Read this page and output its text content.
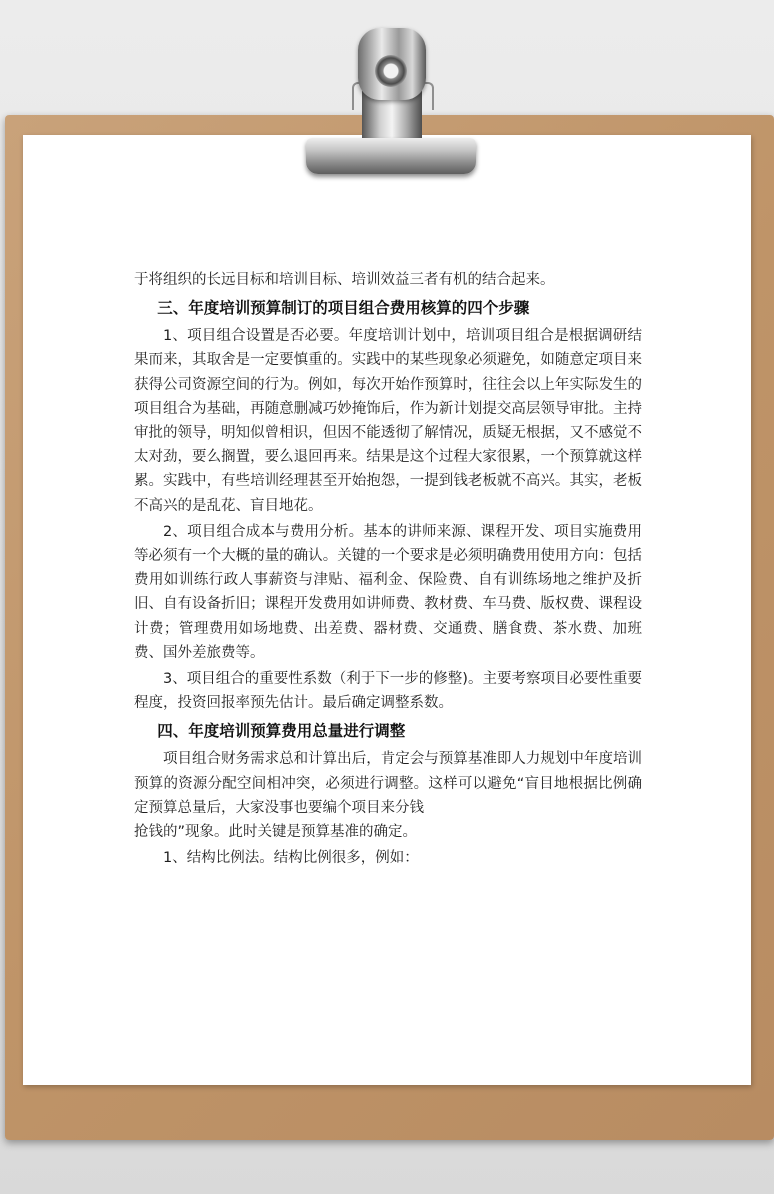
于将组织的长远目标和培训目标、培训效益三者有机的结合起来。

三、年度培训预算制订的项目组合费用核算的四个步骤

1、项目组合设置是否必要。年度培训计划中，培训项目组合是根据调研结果而来，其取舍是一定要慎重的。实践中的某些现象必须避免，如随意定项目来获得公司资源空间的行为。例如，每次开始作预算时，往往会以上年实际发生的项目组合为基础，再随意删减巧妙掩饰后，作为新计划提交高层领导审批。主持审批的领导，明知似曾相识，但因不能透彻了解情况，质疑无根据，又不感觉不太对劲，要么搁置，要么退回再来。结果是这个过程大家很累，一个预算就这样累。实践中，有些培训经理甚至开始抱怨，一提到钱老板就不高兴。其实，老板不高兴的是乱花、盲目地花。

2、项目组合成本与费用分析。基本的讲师来源、课程开发、项目实施费用等必须有一个大概的量的确认。关键的一个要求是必须明确费用使用方向：包括费用如训练行政人事薪资与津贴、福利金、保险费、自有训练场地之维护及折旧、自有设备折旧；课程开发费用如讲师费、教材费、车马费、版权费、课程设计费；管理费用如场地费、出差费、器材费、交通费、膳食费、茶水费、加班费、国外差旅费等。

3、项目组合的重要性系数（利于下一步的修整)。主要考察项目必要性重要程度，投资回报率预先估计。最后确定调整系数。

四、年度培训预算费用总量进行调整

项目组合财务需求总和计算出后，肯定会与预算基准即人力规划中年度培训预算的资源分配空间相冲突，必须进行调整。这样可以避免“盲目地根据比例确定预算总量后，大家没事也要编个项目来分钱

抢钱的”现象。此时关键是预算基准的确定。

1、结构比例法。结构比例很多，例如：
